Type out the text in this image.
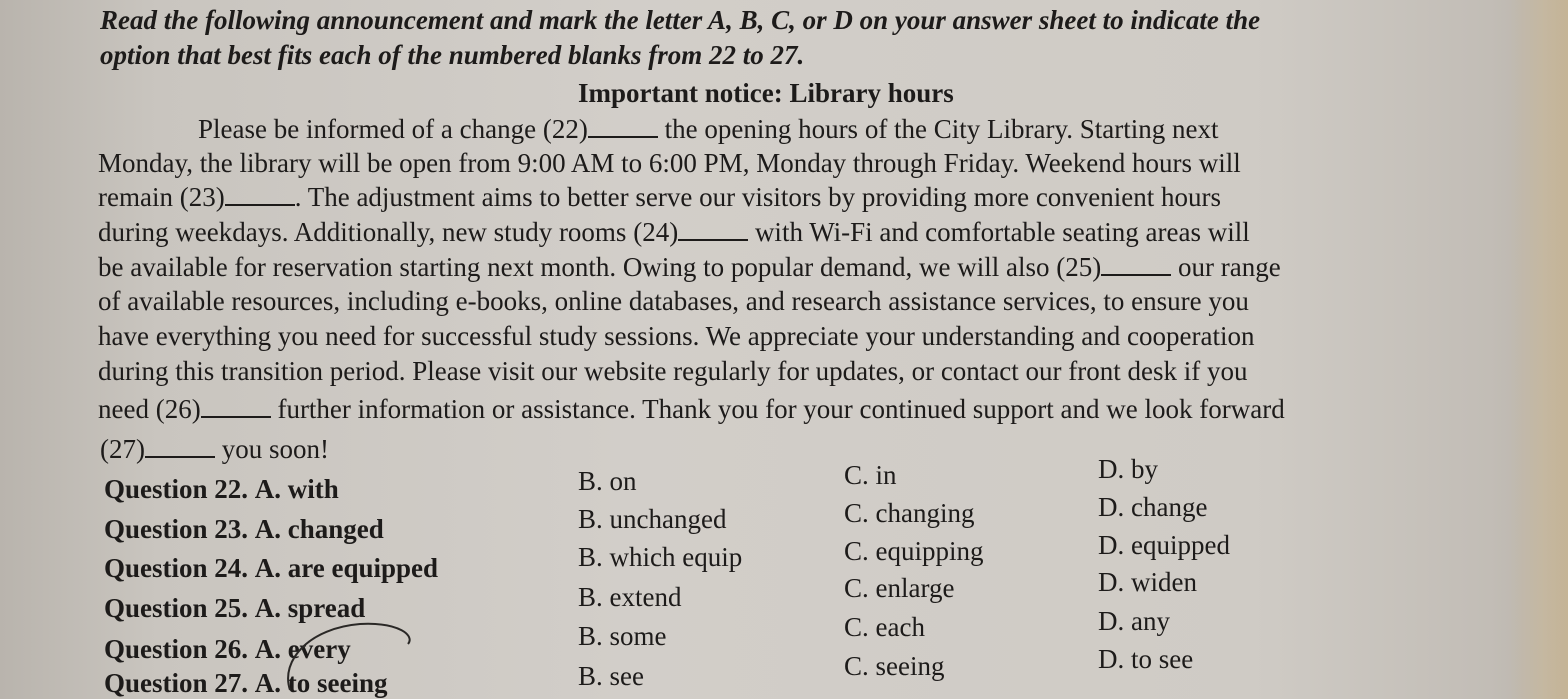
Read the following announcement and mark the letter A, B, C, or D on your answer sheet to indicate the
option that best fits each of the numbered blanks from 22 to 27.
Important notice: Library hours
Please be informed of a change (22)	the opening hours of the City Library. Starting next
Monday, the library will be open from 9:00 AM to 6:00 PM, Monday through Friday. Weekend hours will
remain (23)	. The adjustment aims to better serve our visitors by providing more convenient hours
during weekdays. Additionally, new study rooms (24)	with Wi-Fi and comfortable seating areas will
be available for reservation starting next month. Owing to popular demand, we will also (25)	our range
of available resources, including e-books, online databases, and research assistance services, to ensure you
have everything you need for successful study sessions. We appreciate your understanding and cooperation
during this transition period. Please visit our website regularly for updates, or contact our front desk if you
need (26)	further information or assistance. Thank you for your continued support and we look forward
(27)	you soon!
Question 22. A. with	B. on	C. in	D. by
Question 23. A. changed	B. unchanged	C. changing	D. change
Question 24. A. are equipped	B. which equip	C. equipping	D. equipped
Question 25. A. spread	B. extend	C. enlarge	D. widen
Question 26. A. every	B. some	C. each	D. any
Question 27. A. to seeing	B. see	C. seeing	D. to see
